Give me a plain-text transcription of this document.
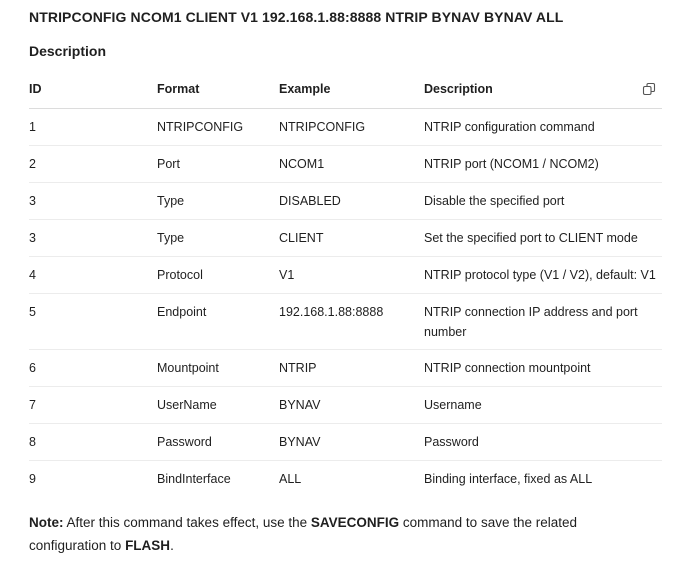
NTRIPCONFIG NCOM1 CLIENT V1 192.168.1.88:8888 NTRIP BYNAV BYNAV ALL
Description
ID	Format	Example	Description

1	NTRIPCONFIG	NTRIPCONFIG	NTRIP configuration command
2	Port	NCOM1	NTRIP port (NCOM1 / NCOM2)
3	Type	DISABLED	Disable the specified port
3	Type	CLIENT	Set the specified port to CLIENT mode
4	Protocol	V1	NTRIP protocol type (V1 / V2), default: V1
5	Endpoint	192.168.1.88:8888	NTRIP connection IP address and port number
6	Mountpoint	NTRIP	NTRIP connection mountpoint
7	UserName	BYNAV	Username
8	Password	BYNAV	Password
9	BindInterface	ALL	Binding interface, fixed as ALL
Note: After this command takes effect, use the SAVECONFIG command to save the related configuration to FLASH.
